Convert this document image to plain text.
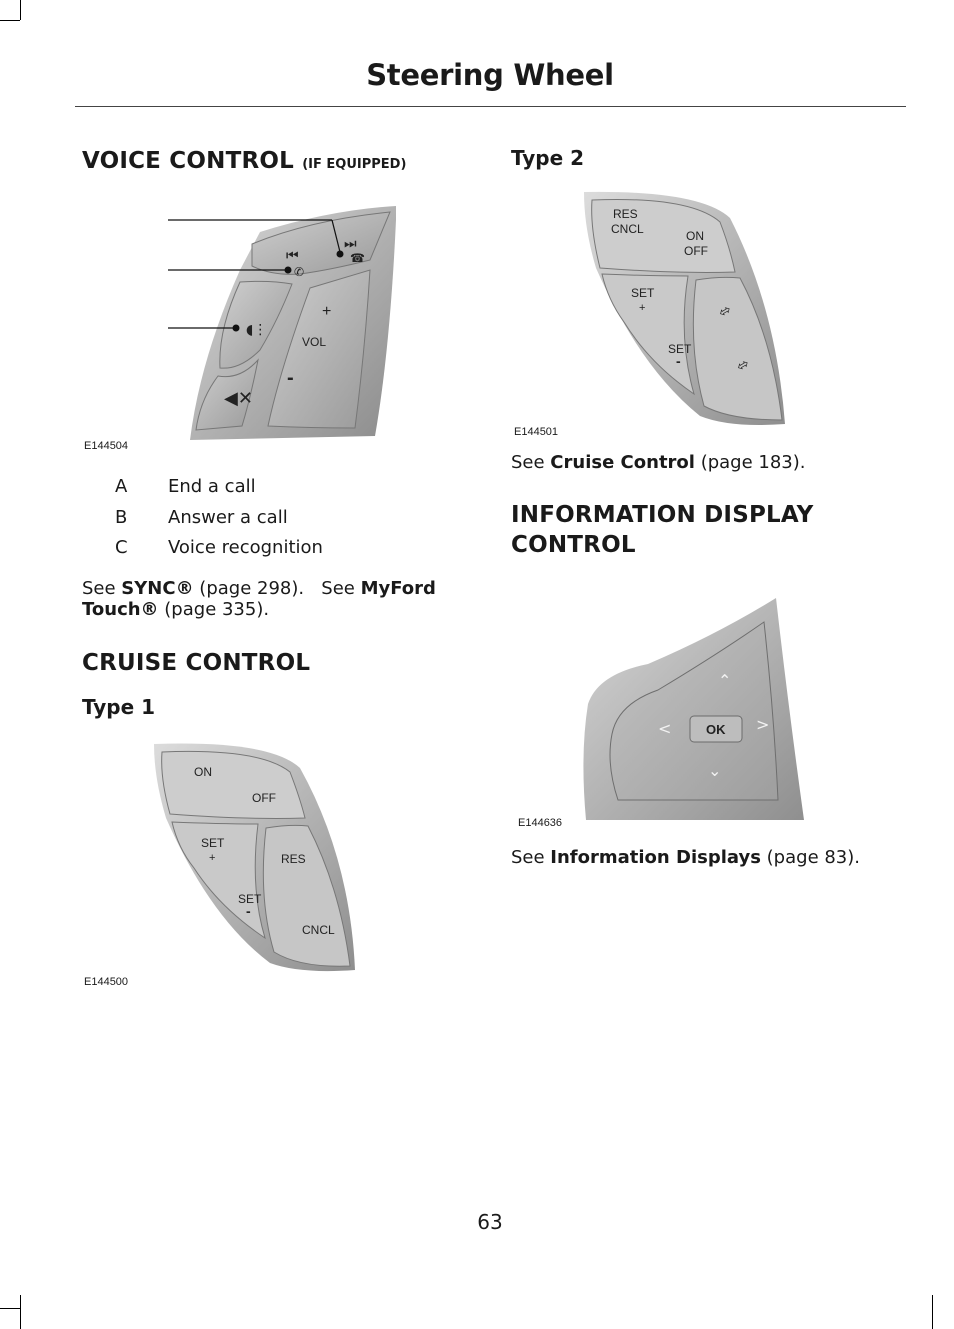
Steering Wheel
VOICE CONTROL (IF EQUIPPED)
⏮
⏭
✆
☎
◖⋮
◀✕
+
VOL
-
E144504
A End a call
B Answer a call
C Voice recognition
See SYNC® (page 298). See MyFord
Touch® (page 335).
CRUISE CONTROL
Type 1
ON
OFF
SET
+	RES
SET
-
CNCL
E144500
Type 2
RES
CNCL	ON
OFF
SET
+
SET
-
⇳
⇳
E144501
See Cruise Control (page 183).
INFORMATION DISPLAY
CONTROL
OK
⌃
⌄
<	>
E144636
See Information Displays (page 83).
63
